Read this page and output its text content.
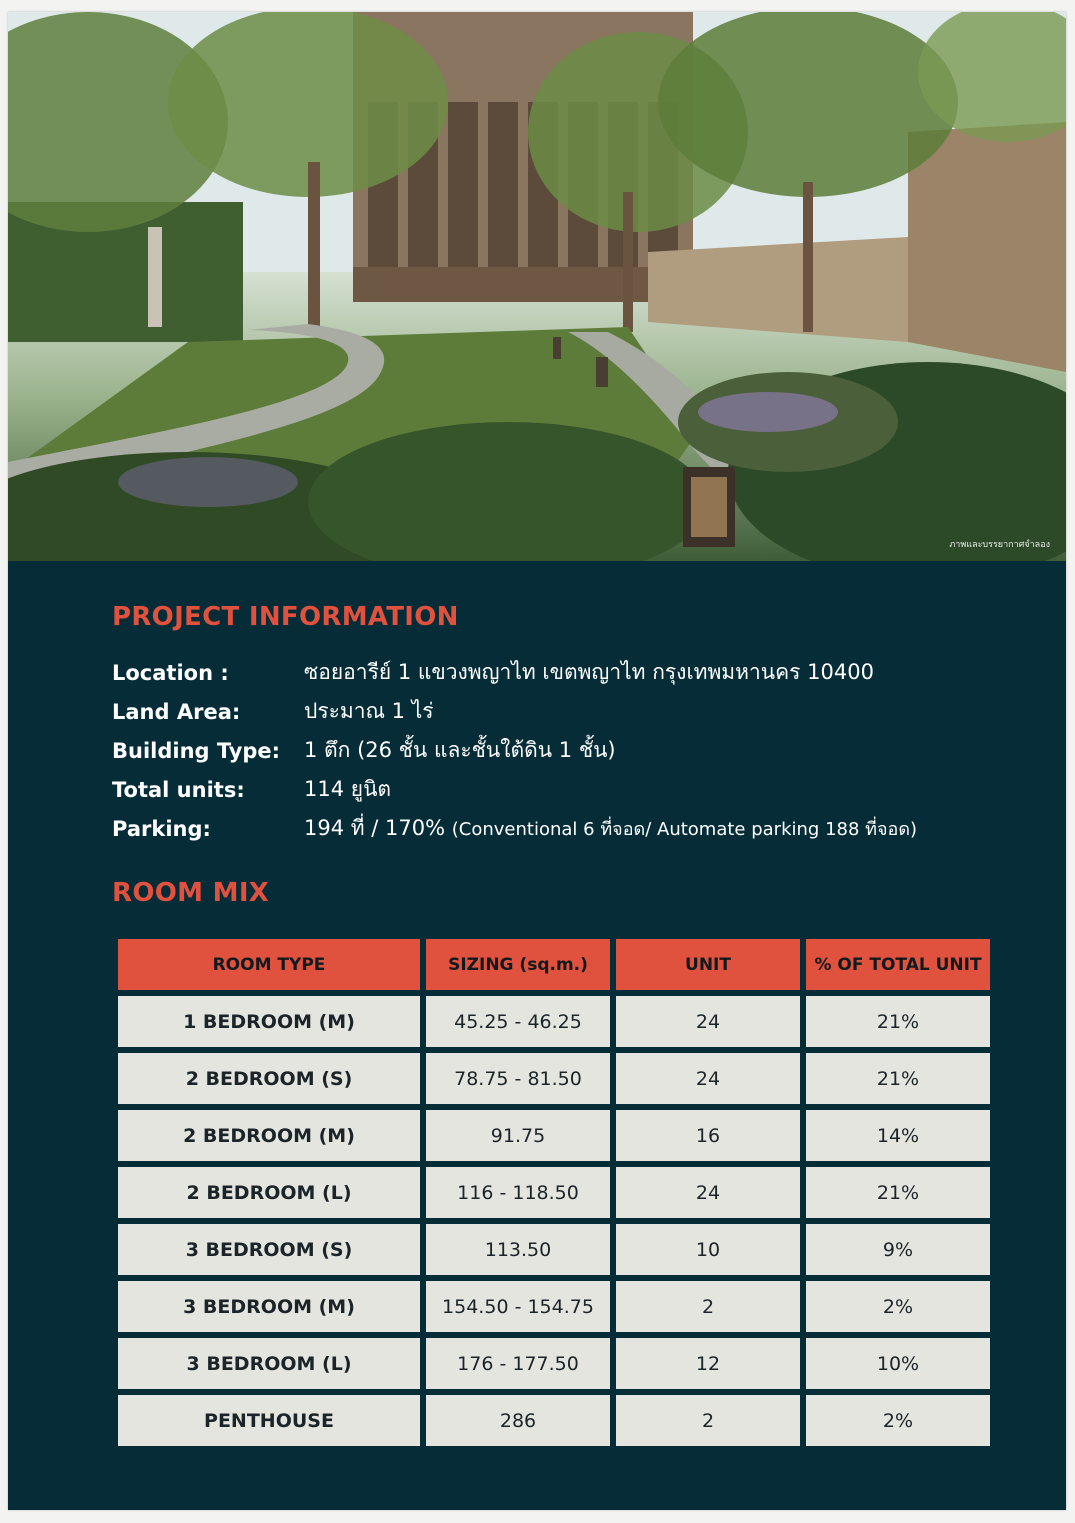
ภาพและบรรยากาศจำลอง
PROJECT INFORMATION
Location :	ซอยอารีย์ 1 แขวงพญาไท เขตพญาไท กรุงเทพมหานคร 10400
Land Area:	ประมาณ 1 ไร่
Building Type:	1 ตึก (26 ชั้น และชั้นใต้ดิน 1 ชั้น)
Total units:	114 ยูนิต
Parking:	194 ที่ / 170% (Conventional 6 ที่จอด/ Automate parking 188 ที่จอด)
ROOM MIX
ROOM TYPE	SIZING (sq.m.)	UNIT	% OF TOTAL UNIT
1 BEDROOM (M)	45.25 - 46.25	24	21%
2 BEDROOM (S)	78.75 - 81.50	24	21%
2 BEDROOM (M)	91.75	16	14%
2 BEDROOM (L)	116 - 118.50	24	21%
3 BEDROOM (S)	113.50	10	9%
3 BEDROOM (M)	154.50 - 154.75	2	2%
3 BEDROOM (L)	176 - 177.50	12	10%
PENTHOUSE	286	2	2%
